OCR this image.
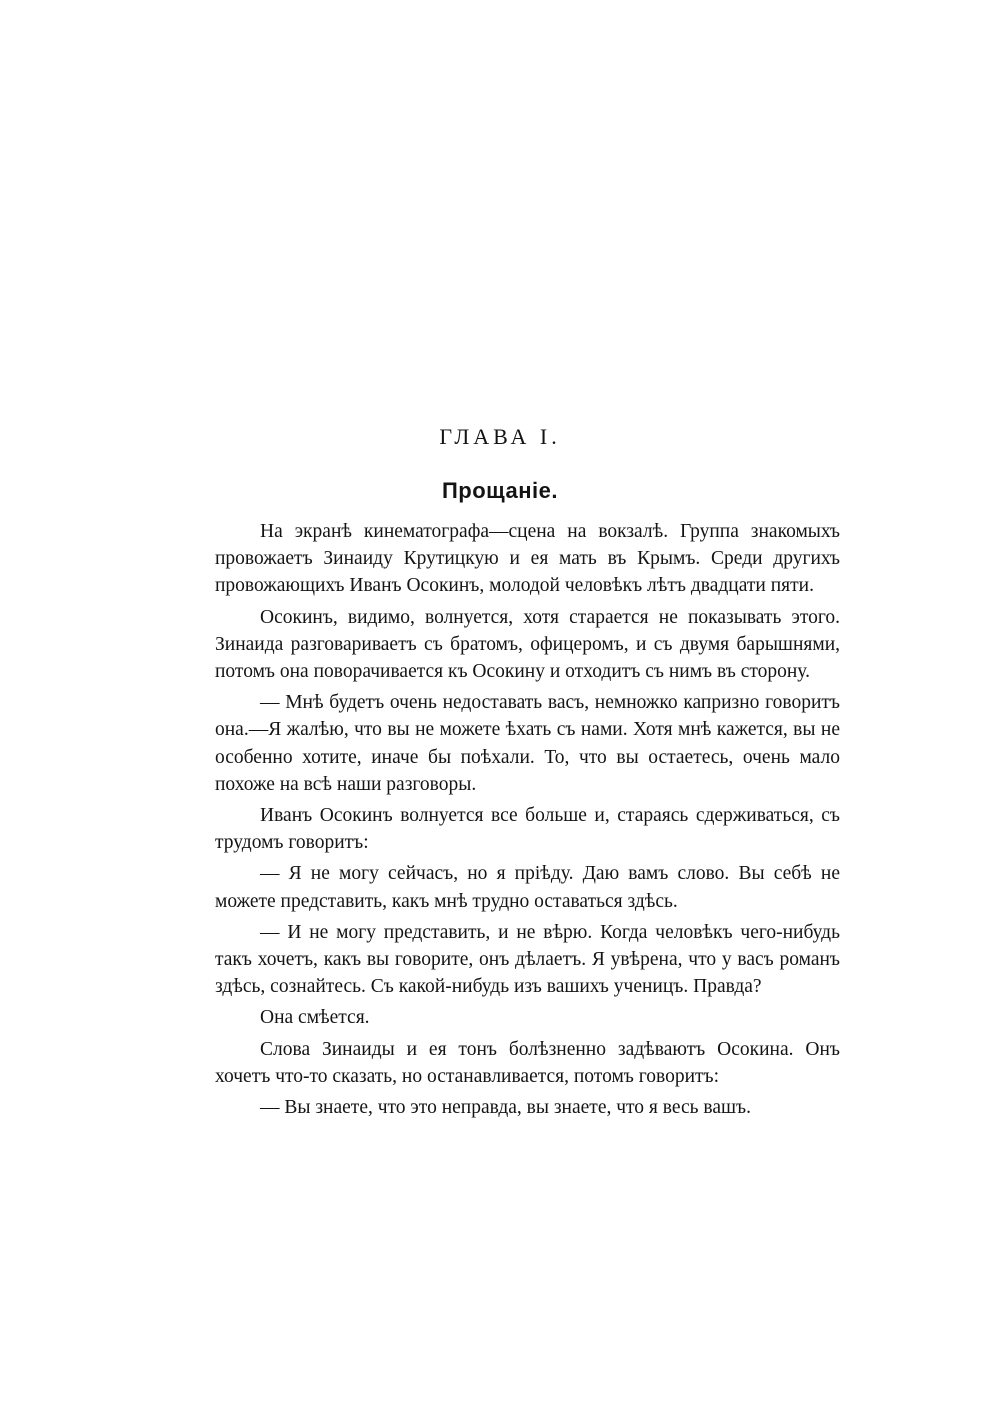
ГЛАВА I.
Прощаніе.

На экранѣ кинематографа—сцена на вокзалѣ. Группа знакомыхъ провожаетъ Зинаиду Крутицкую и ея мать въ Крымъ. Среди другихъ провожающихъ Иванъ Осокинъ, молодой человѣкъ лѣтъ двадцати пяти.

Осокинъ, видимо, волнуется, хотя старается не показывать этого. Зинаида разговариваетъ съ братомъ, офицеромъ, и съ двумя барышнями, потомъ она поворачивается къ Осокину и отходитъ съ нимъ въ сторону.

— Мнѣ будетъ очень недоставать васъ, немножко капризно говоритъ она.—Я жалѣю, что вы не можете ѣхать съ нами. Хотя мнѣ кажется, вы не особенно хотите, иначе бы поѣхали. То, что вы остаетесь, очень мало похоже на всѣ наши разговоры.

Иванъ Осокинъ волнуется все больше и, стараясь сдерживаться, съ трудомъ говоритъ:

— Я не могу сейчасъ, но я пріѣду. Даю вамъ слово. Вы себѣ не можете представить, какъ мнѣ трудно оставаться здѣсь.

— И не могу представить, и не вѣрю. Когда человѣкъ чего-нибудь такъ хочетъ, какъ вы говорите, онъ дѣлаетъ. Я увѣрена, что у васъ романъ здѣсь, сознайтесь. Съ какой-нибудь изъ вашихъ ученицъ. Правда?

Она смѣется.

Слова Зинаиды и ея тонъ болѣзненно задѣваютъ Осокина. Онъ хочетъ что-то сказать, но останавливается, потомъ говоритъ:

— Вы знаете, что это неправда, вы знаете, что я весь вашъ.
